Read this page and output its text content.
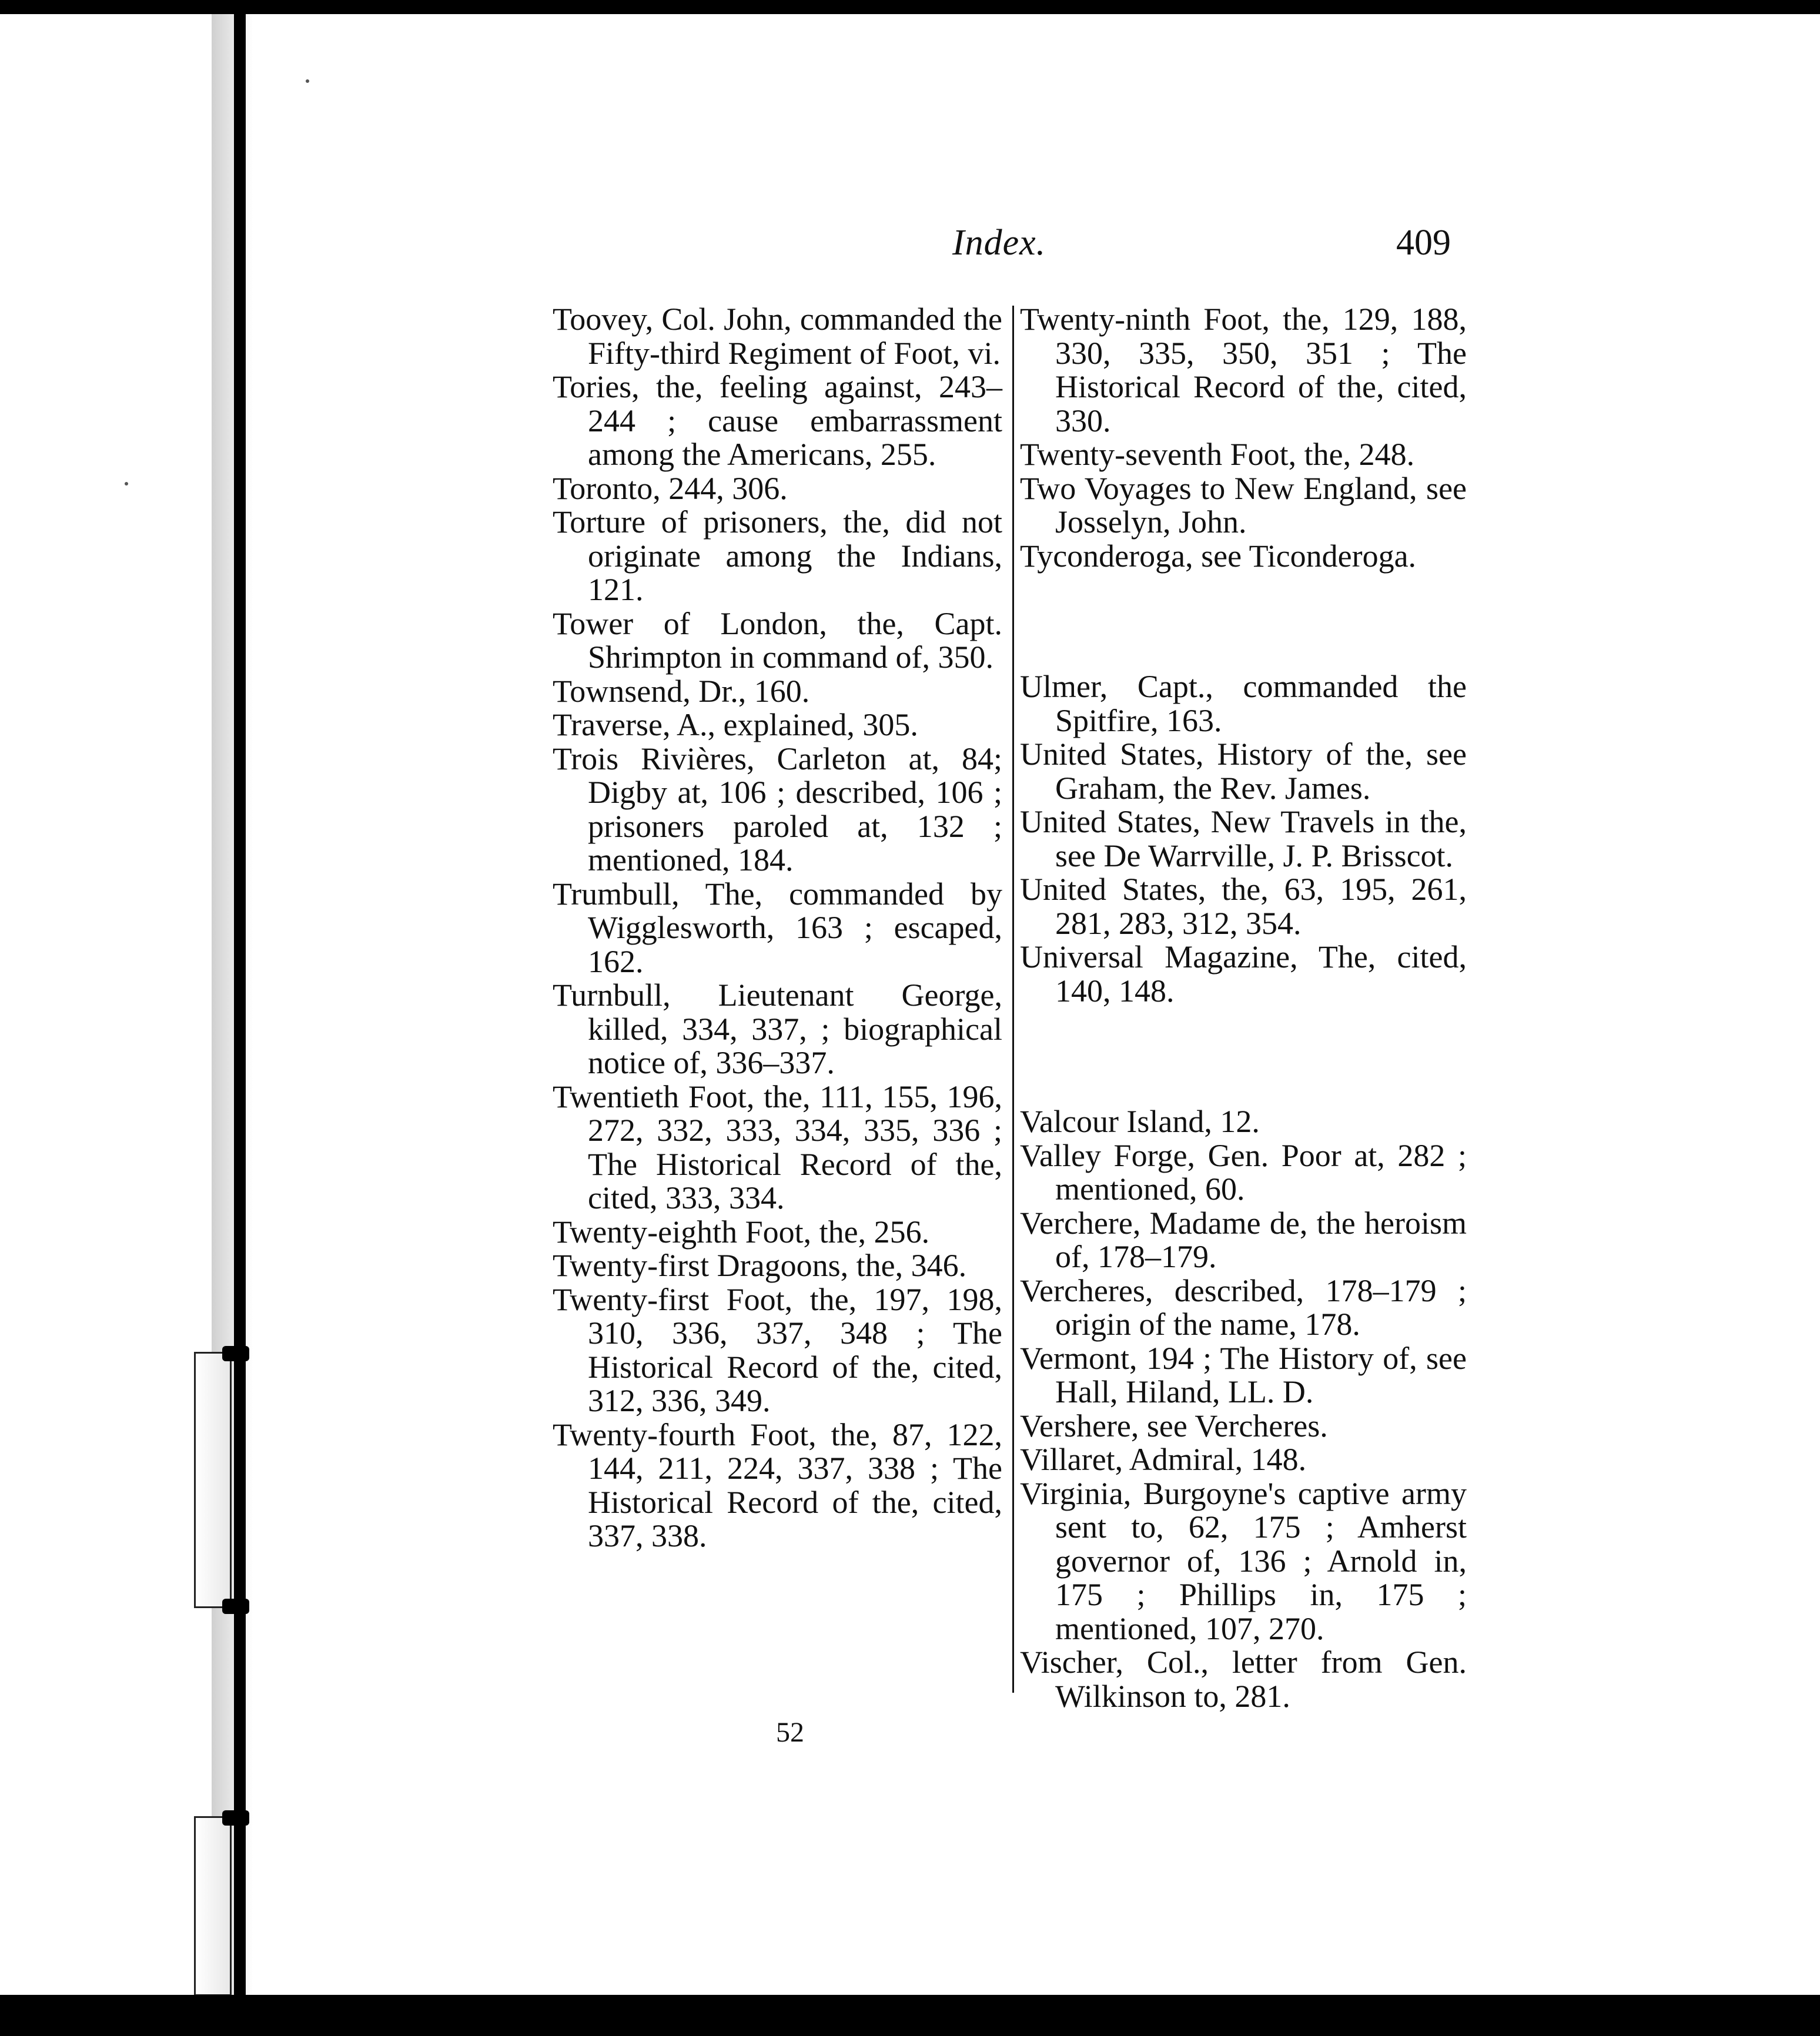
Index.	409

Toovey, Col. John, commanded the Fifty-third Regiment of Foot, vi.

Tories, the, feeling against, 243–244 ; cause embarrassment among the Americans, 255.

Toronto, 244, 306.

Torture of prisoners, the, did not originate among the Indians, 121.

Tower of London, the, Capt. Shrimpton in command of, 350.

Townsend, Dr., 160.

Traverse, A., explained, 305.

Trois Rivières, Carleton at, 84; Digby at, 106 ; described, 106 ; prisoners paroled at, 132 ; mentioned, 184.

Trumbull, The, commanded by Wigglesworth, 163 ; escaped, 162.

Turnbull, Lieutenant George, killed, 334, 337, ; biographical notice of, 336–337.

Twentieth Foot, the, 111, 155, 196, 272, 332, 333, 334, 335, 336 ; The Historical Record of the, cited, 333, 334.

Twenty-eighth Foot, the, 256.

Twenty-first Dragoons, the, 346.

Twenty-first Foot, the, 197, 198, 310, 336, 337, 348 ; The Historical Record of the, cited, 312, 336, 349.

Twenty-fourth Foot, the, 87, 122, 144, 211, 224, 337, 338 ; The Historical Record of the, cited, 337, 338.

Twenty-ninth Foot, the, 129, 188, 330, 335, 350, 351 ; The Historical Record of the, cited, 330.

Twenty-seventh Foot, the, 248.

Two Voyages to New England, see Josselyn, John.

Tyconderoga, see Ticonderoga.

Ulmer, Capt., commanded the Spitfire, 163.

United States, History of the, see Graham, the Rev. James.

United States, New Travels in the, see De Warrville, J. P. Brisscot.

United States, the, 63, 195, 261, 281, 283, 312, 354.

Universal Magazine, The, cited, 140, 148.

Valcour Island, 12.

Valley Forge, Gen. Poor at, 282 ; mentioned, 60.

Verchere, Madame de, the heroism of, 178–179.

Vercheres, described, 178–179 ; origin of the name, 178.

Vermont, 194 ; The History of, see Hall, Hiland, LL. D.

Vershere, see Vercheres.

Villaret, Admiral, 148.

Virginia, Burgoyne's captive army sent to, 62, 175 ; Amherst governor of, 136 ; Arnold in, 175 ; Phillips in, 175 ; mentioned, 107, 270.

Vischer, Col., letter from Gen. Wilkinson to, 281.

52
